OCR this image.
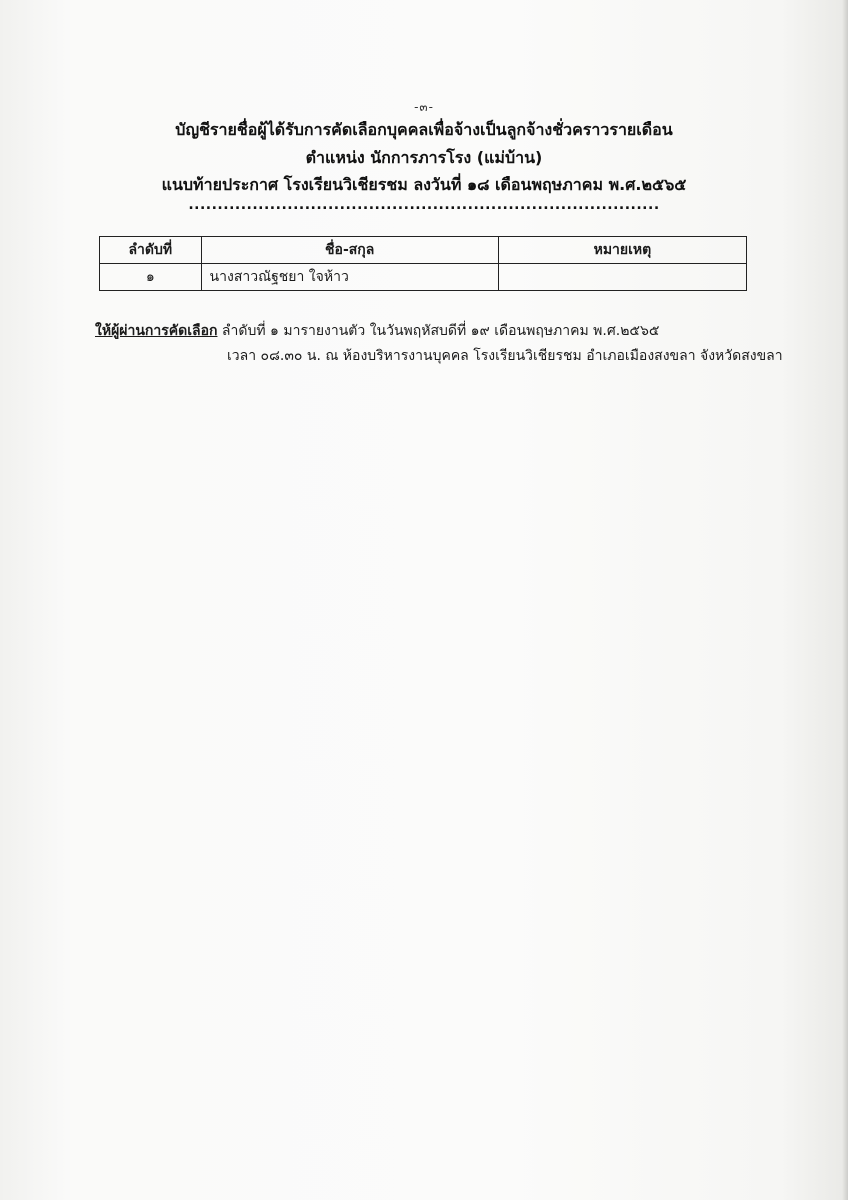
-๓-
บัญชีรายชื่อผู้ได้รับการคัดเลือกบุคคลเพื่อจ้างเป็นลูกจ้างชั่วคราวรายเดือน
ตำแหน่ง นักการภารโรง (แม่บ้าน)
แนบท้ายประกาศ โรงเรียนวิเชียรชม ลงวันที่ ๑๘ เดือนพฤษภาคม พ.ศ.๒๕๖๕
.................................................................................
ลำดับที่	ชื่อ-สกุล	หมายเหตุ
๑	นางสาวณัฐชยา ใจห้าว	
ให้ผู้ผ่านการคัดเลือก ลำดับที่ ๑ มารายงานตัว ในวันพฤหัสบดีที่ ๑๙ เดือนพฤษภาคม พ.ศ.๒๕๖๕
เวลา ๐๘.๓๐ น. ณ ห้องบริหารงานบุคคล โรงเรียนวิเชียรชม อำเภอเมืองสงขลา จังหวัดสงขลา
